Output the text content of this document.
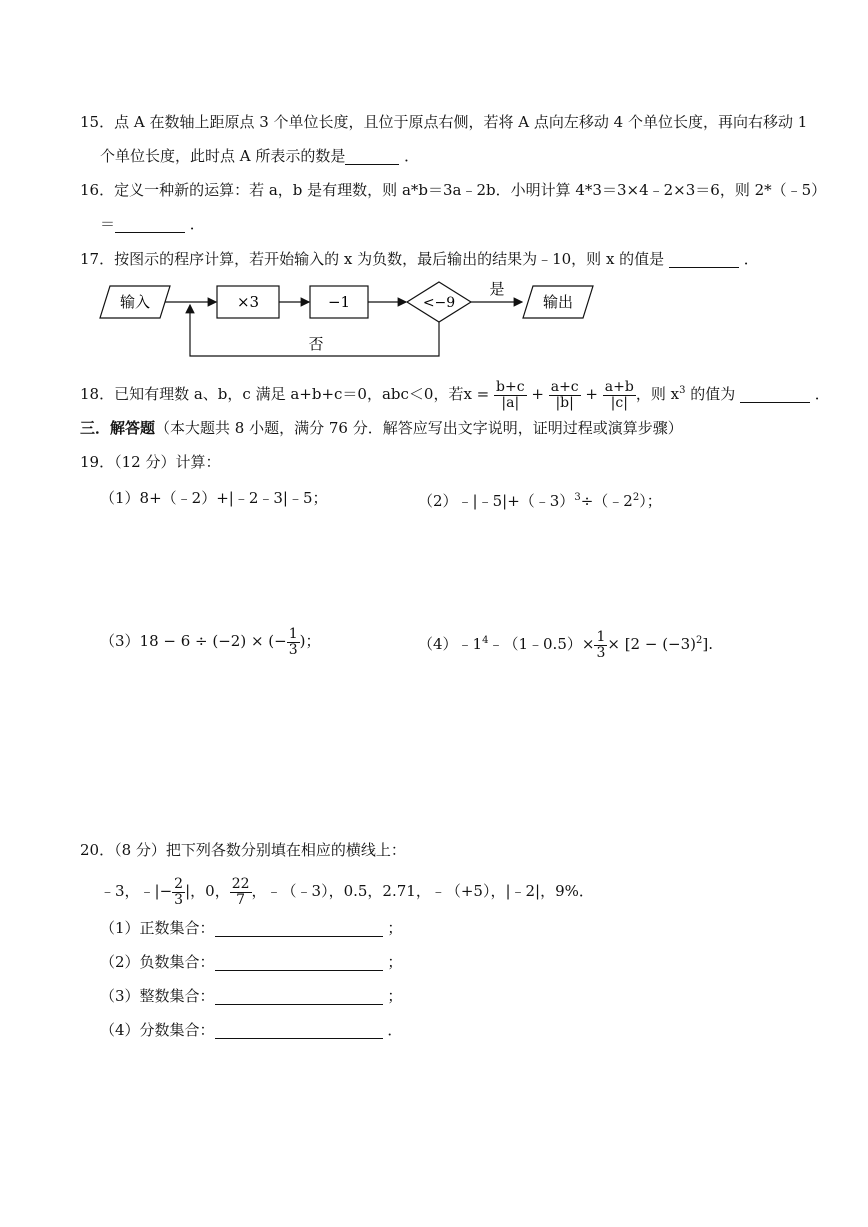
15．点 A 在数轴上距原点 3 个单位长度，且位于原点右侧，若将 A 点向左移动 4 个单位长度，再向右移动 1
个单位长度，此时点 A 所表示的数是	．
16．定义一种新的运算：若 a，b 是有理数，则 a*b＝3a﹣2b．小明计算 4*3＝3×4﹣2×3＝6，则 2*（﹣5）
＝	．
17．按图示的程序计算，若开始输入的 x 为负数，最后输出的结果为﹣10，则 x 的值是	．
输入	×3	−1	<−9
是
输出
否
18．已知有理数 a、b，c 满足 a+b+c＝0，abc＜0，若$x = \frac{b+c}{|a|} + \frac{a+c}{|b|} + \frac{a+b}{|c|}$ ，则 $x^3$ 的值为	．
三．解答题（本大题共 8 小题，满分 76 分．解答应写出文字说明，证明过程或演算步骤）
19．（12 分）计算：
（1）8+（﹣2）+|﹣2﹣3|﹣5；	$(2)﹣|﹣5|+(﹣3)^3\div(﹣2^2)$；
（3）18 − 6 ÷ (−2) × (− $\frac{1}{3}$ )；	$(4)﹣1^4﹣(1﹣0.5)\times \frac{1}{3} \times [2 - (-3)^2]$.
20．（8 分）把下列各数分别填在相应的横线上：
﹣3，﹣|− $\frac{2}{3}$ |，0， $\frac{22}{7}$ ，﹣（﹣3），0.5，2.71，﹣（+5），|﹣2|，9%．
（1）正数集合：	；
（2）负数集合：	；
（3）整数集合：	；
（4）分数集合：	．
